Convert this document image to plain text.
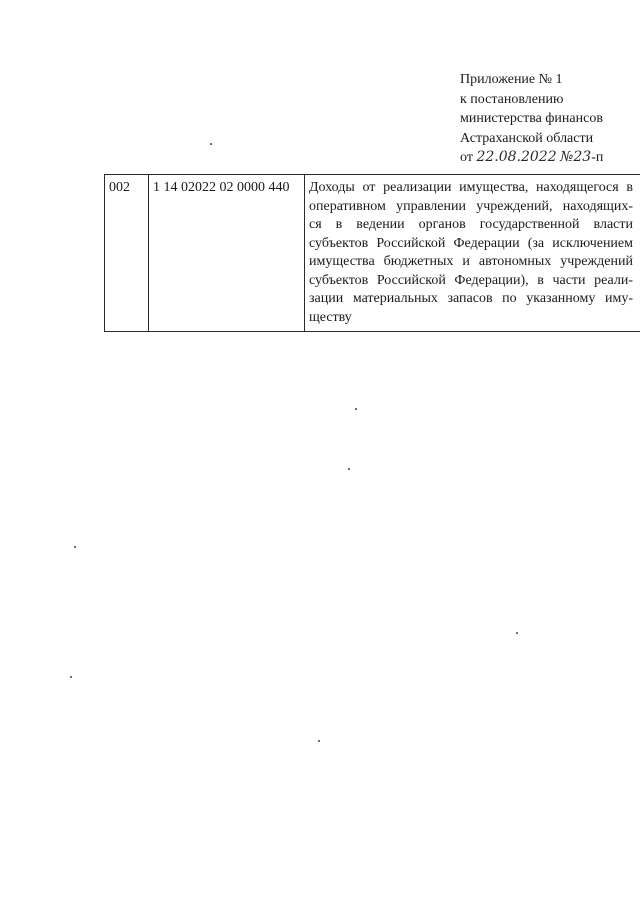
Приложение № 1
к постановлению
министерства финансов
Астраханской области
от 22.08.2022 №23-п
002	1 14 02022 02 0000 440	Доходы от реализации имущества, находящегося в
оперативном управлении учреждений, находящих-
ся в ведении органов государственной власти
субъектов Российской Федерации (за исключением
имущества бюджетных и автономных учреждений
субъектов Российской Федерации), в части реали-
зации материальных запасов по указанному иму-
ществу
